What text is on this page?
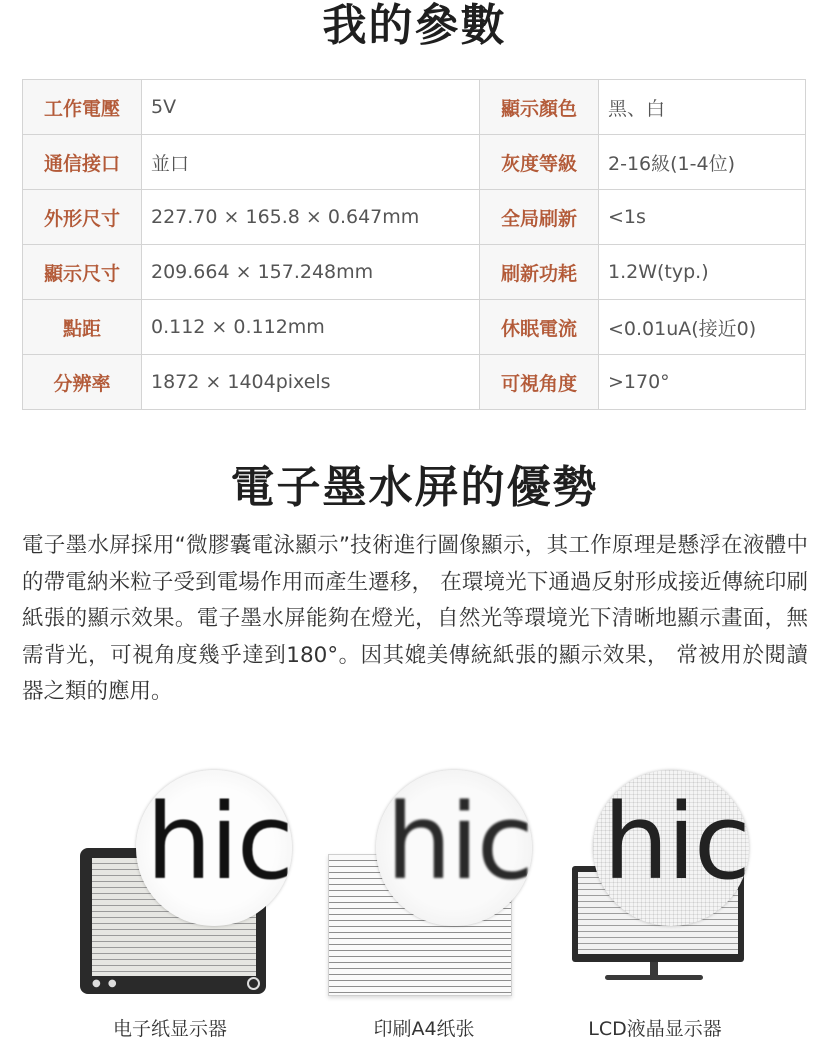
我的參數
工作電壓	5V	顯示顏色	黑、白
通信接口	並口	灰度等級	2-16級(1-4位)
外形尺寸	227.70 × 165.8 × 0.647mm	全局刷新	<1s
顯示尺寸	209.664 × 157.248mm	刷新功耗	1.2W(typ.)
點距	0.112 × 0.112mm	休眠電流	<0.01uA(接近0)
分辨率	1872 × 1404pixels	可視角度	>170°
電子墨水屏的優勢
電子墨水屏採用“微膠囊電泳顯示”技術進行圖像顯示，其工作原理是懸浮在液體中的帶電納米粒子受到電場作用而產生遷移， 在環境光下通過反射形成接近傳統印刷紙張的顯示效果。電子墨水屏能夠在燈光，自然光等環境光下清晰地顯示畫面，無需背光，可視角度幾乎達到180°。因其媲美傳統紙張的顯示效果， 常被用於閱讀器之類的應用。
● ●
hic
电子纸显示器
hic
印刷A4纸张
hic
LCD液晶显示器
